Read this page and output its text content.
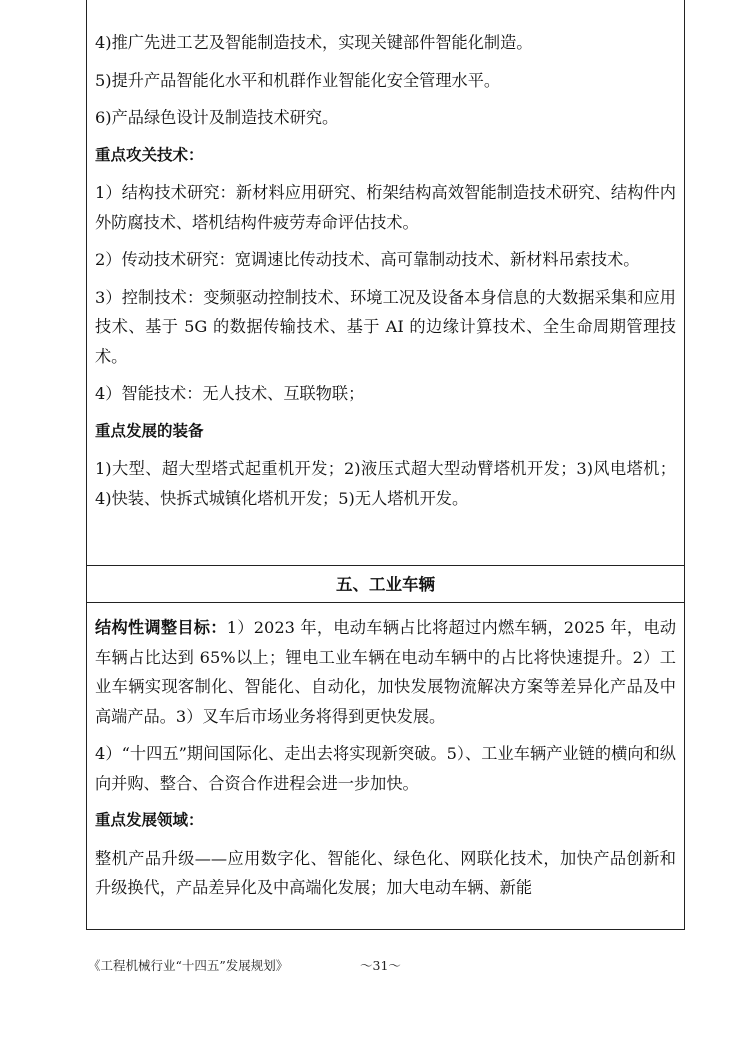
4)推广先进工艺及智能制造技术，实现关键部件智能化制造。

5)提升产品智能化水平和机群作业智能化安全管理水平。

6)产品绿色设计及制造技术研究。

重点攻关技术：

1）结构技术研究：新材料应用研究、桁架结构高效智能制造技术研究、结构件内外防腐技术、塔机结构件疲劳寿命评估技术。

2）传动技术研究：宽调速比传动技术、高可靠制动技术、新材料吊索技术。

3）控制技术：变频驱动控制技术、环境工况及设备本身信息的大数据采集和应用技术、基于 5G 的数据传输技术、基于 AI 的边缘计算技术、全生命周期管理技术。

4）智能技术：无人技术、互联物联；

重点发展的装备

1)大型、超大型塔式起重机开发；2)液压式超大型动臂塔机开发；3)风电塔机；4)快装、快拆式城镇化塔机开发；5)无人塔机开发。

五、工业车辆

结构性调整目标：1）2023 年，电动车辆占比将超过内燃车辆，2025 年，电动车辆占比达到 65%以上；锂电工业车辆在电动车辆中的占比将快速提升。2）工业车辆实现客制化、智能化、自动化，加快发展物流解决方案等差异化产品及中高端产品。3）叉车后市场业务将得到更快发展。

4）“十四五”期间国际化、走出去将实现新突破。5）、工业车辆产业链的横向和纵向并购、整合、合资合作进程会进一步加快。

重点发展领域：

整机产品升级——应用数字化、智能化、绿色化、网联化技术，加快产品创新和升级换代，产品差异化及中高端化发展；加大电动车辆、新能

《工程机械行业“十四五”发展规划》	～31～
